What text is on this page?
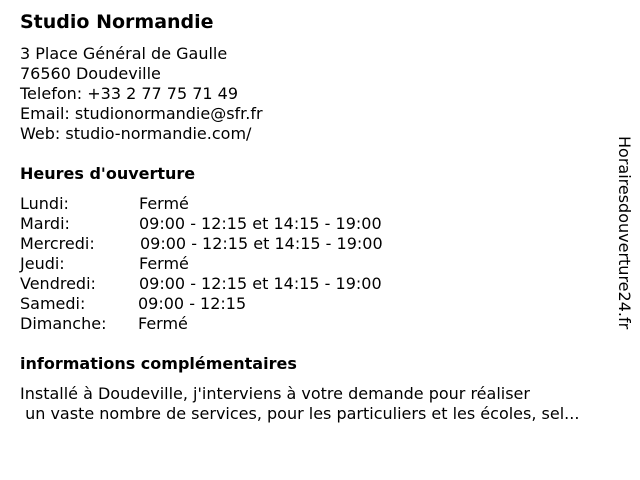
Studio Normandie
3 Place Général de Gaulle
76560 Doudeville
Telefon: +33 2 77 75 71 49
Email: studionormandie@sfr.fr
Web: studio-normandie.com/
Heures d'ouverture
Lundi:	Fermé
Mardi:	09:00 - 12:15 et 14:15 - 19:00
Mercredi:	09:00 - 12:15 et 14:15 - 19:00
Jeudi:	Fermé
Vendredi:	09:00 - 12:15 et 14:15 - 19:00
Samedi:	09:00 - 12:15
Dimanche: Fermé
informations complémentaires
Installé à Doudeville, j'interviens à votre demande pour réaliser
un vaste nombre de services, pour les particuliers et les écoles, sel...
Horairesdouverture24.fr
